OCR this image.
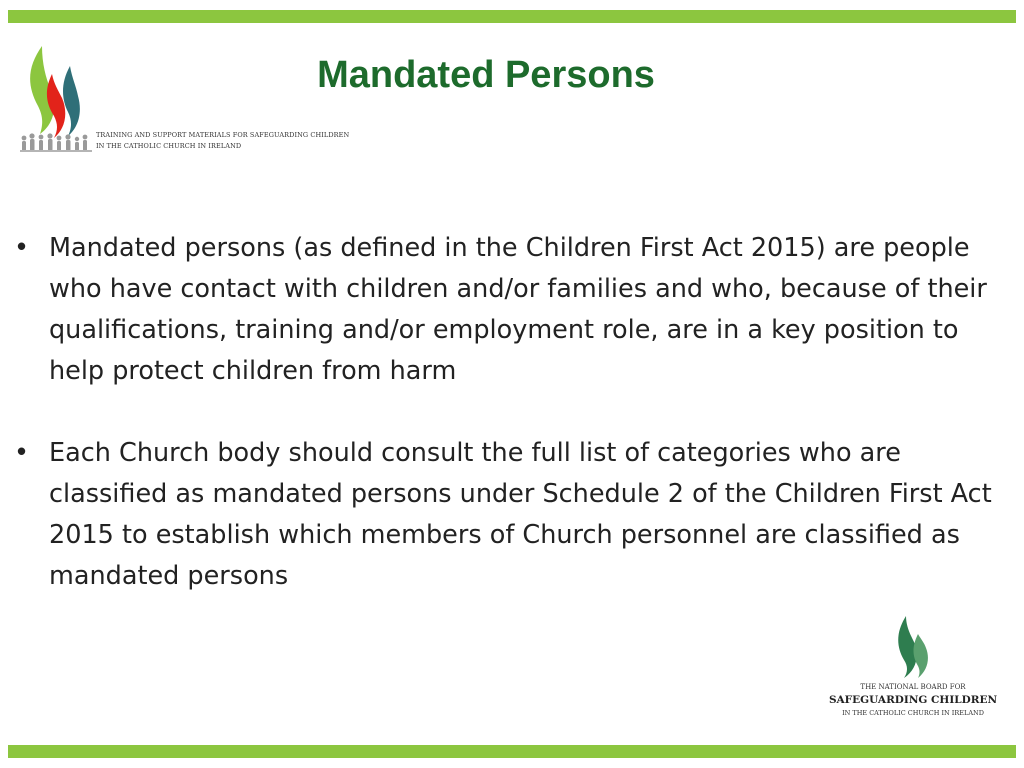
TRAINING AND SUPPORT MATERIALS FOR SAFEGUARDING CHILDREN
IN THE CATHOLIC CHURCH IN IRELAND
Mandated Persons
• Mandated persons (as defined in the Children First Act 2015) are people who have contact with children and/or families and who, because of their qualifications, training and/or employment role, are in a key position to help protect children from harm
• Each Church body should consult the full list of categories who are classified as mandated persons under Schedule 2 of the Children First Act 2015 to establish which members of Church personnel are classified as mandated persons
THE NATIONAL BOARD FOR
SAFEGUARDING CHILDREN
IN THE CATHOLIC CHURCH IN IRELAND
